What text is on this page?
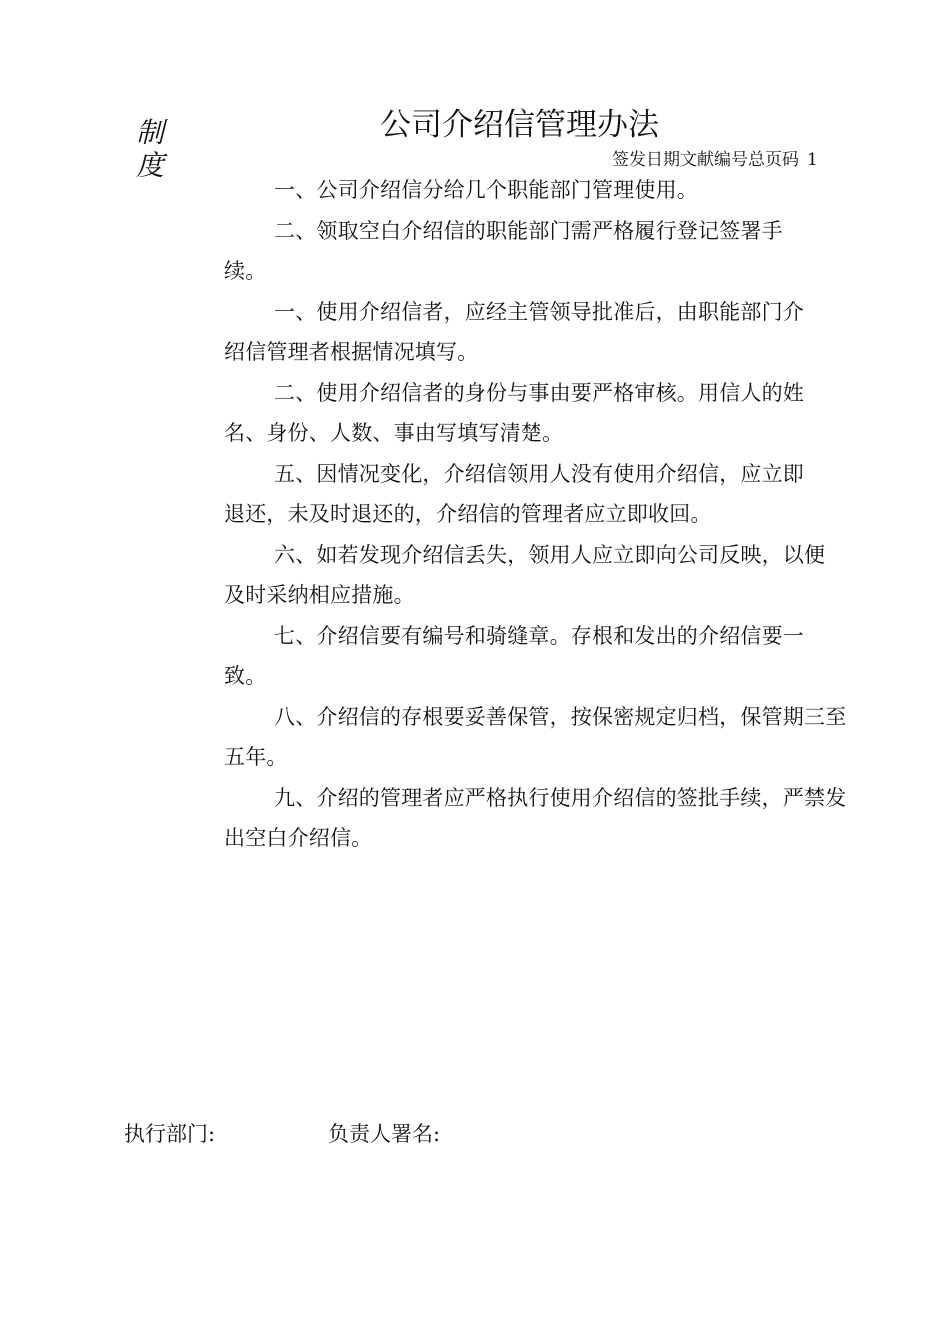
制
度
公司介绍信管理办法
签发日期文献编号总页码 1

一、公司介绍信分给几个职能部门管理使用。

二、领取空白介绍信的职能部门需严格履行登记签署手续。

一、使用介绍信者，应经主管领导批准后，由职能部门介绍信管理者根据情况填写。

二、使用介绍信者的身份与事由要严格审核。用信人的姓名、身份、人数、事由写填写清楚。

五、因情况变化，介绍信领用人没有使用介绍信，应立即退还，未及时退还的，介绍信的管理者应立即收回。

六、如若发现介绍信丢失，领用人应立即向公司反映，以便及时采纳相应措施。

七、介绍信要有编号和骑缝章。存根和发出的介绍信要一致。

八、介绍信的存根要妥善保管，按保密规定归档，保管期三至五年。

九、介绍的管理者应严格执行使用介绍信的签批手续，严禁发出空白介绍信。

执行部门:	负责人署名:
